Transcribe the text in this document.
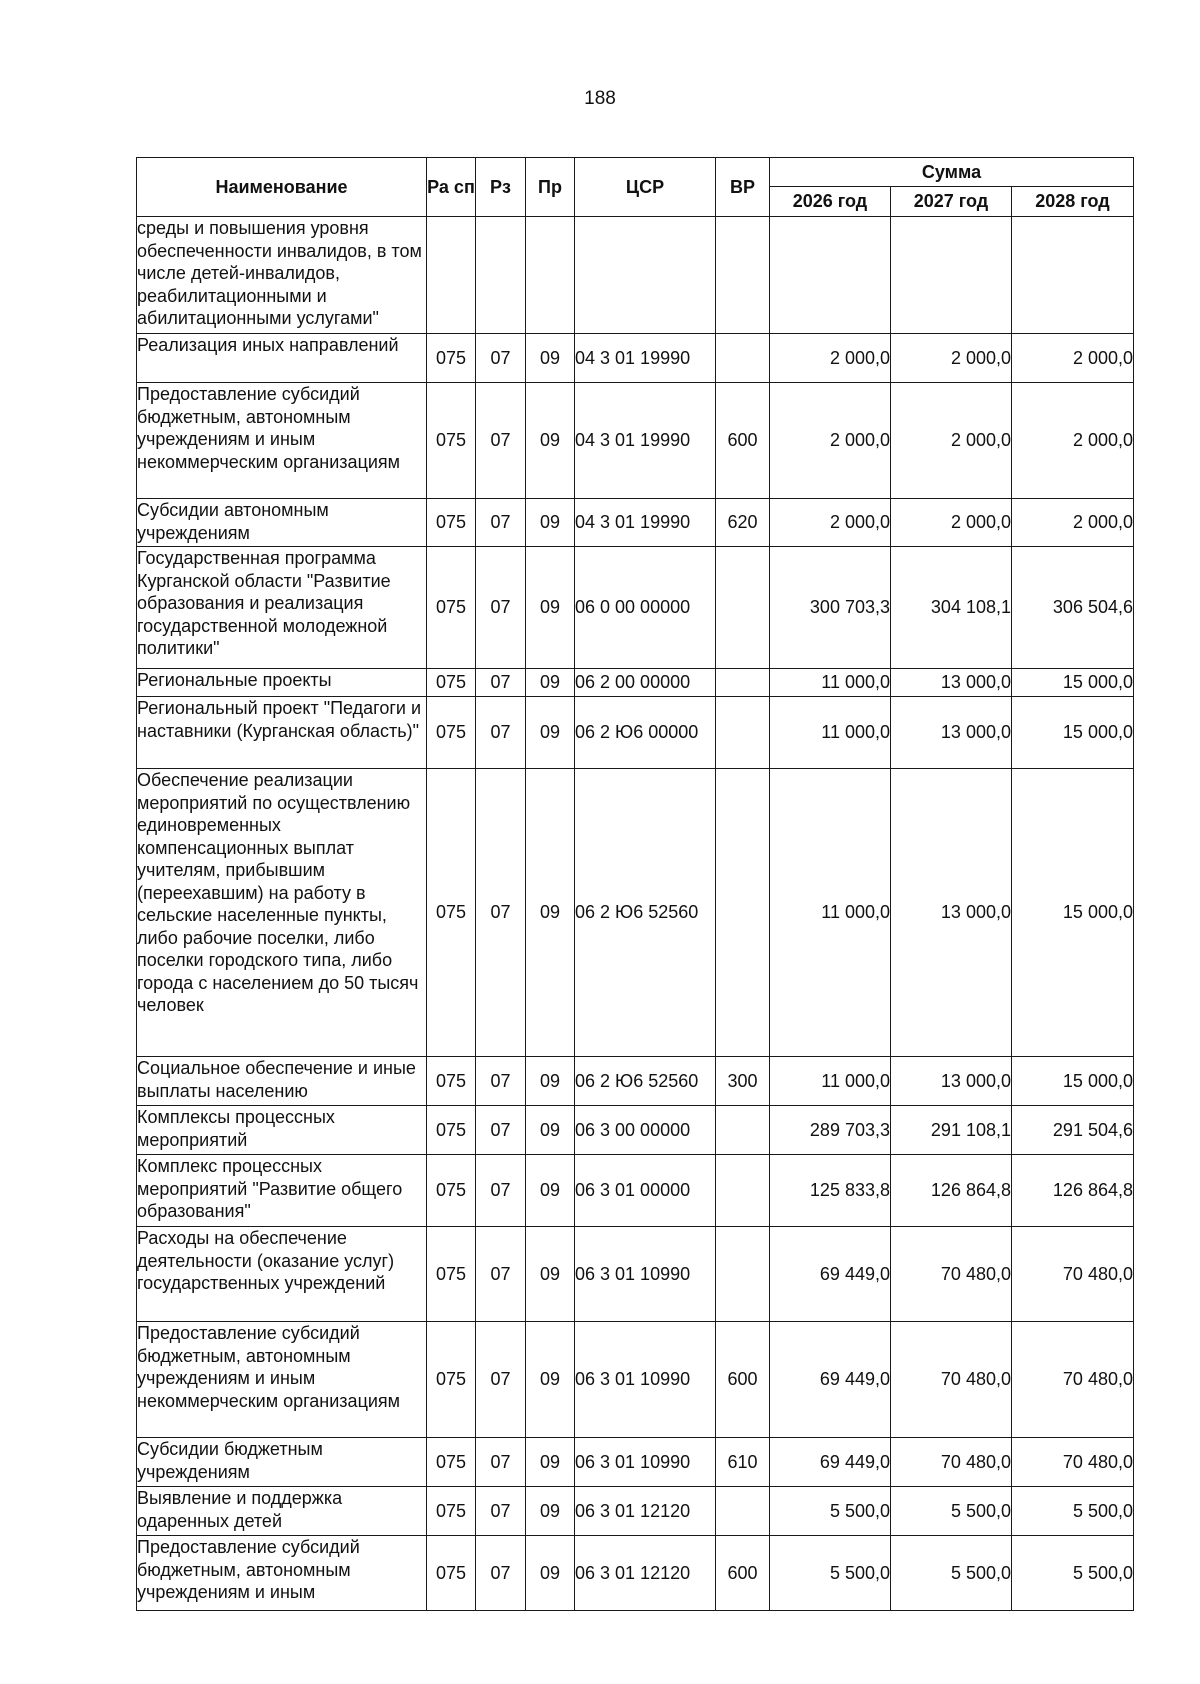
188
Наименование	Ра сп	Рз	Пр	ЦСР	ВР	Сумма		
						2026 год	2027 год	2028 год
среды и повышения уровня обеспеченности инвалидов, в том числе детей-инвалидов, реабилитационными и абилитационными услугами"								
Реализация иных направлений	075	07	09	04 3 01 19990		2 000,0	2 000,0	2 000,0
Предоставление субсидий бюджетным, автономным учреждениям и иным некоммерческим организациям	075	07	09	04 3 01 19990	600	2 000,0	2 000,0	2 000,0
Субсидии автономным учреждениям	075	07	09	04 3 01 19990	620	2 000,0	2 000,0	2 000,0
Государственная программа Курганской области "Развитие образования и реализация государственной молодежной политики"	075	07	09	06 0 00 00000		300 703,3	304 108,1	306 504,6
Региональные проекты	075	07	09	06 2 00 00000		11 000,0	13 000,0	15 000,0
Региональный проект "Педагоги и наставники (Курганская область)"	075	07	09	06 2 Ю6 00000		11 000,0	13 000,0	15 000,0
Обеспечение реализации мероприятий по осуществлению единовременных компенсационных выплат учителям, прибывшим (переехавшим) на работу в сельские населенные пункты, либо рабочие поселки, либо поселки городского типа, либо города с населением до 50 тысяч человек	075	07	09	06 2 Ю6 52560		11 000,0	13 000,0	15 000,0
Социальное обеспечение и иные выплаты населению	075	07	09	06 2 Ю6 52560	300	11 000,0	13 000,0	15 000,0
Комплексы процессных мероприятий	075	07	09	06 3 00 00000		289 703,3	291 108,1	291 504,6
Комплекс процессных мероприятий "Развитие общего образования"	075	07	09	06 3 01 00000		125 833,8	126 864,8	126 864,8
Расходы на обеспечение деятельности (оказание услуг) государственных учреждений	075	07	09	06 3 01 10990		69 449,0	70 480,0	70 480,0
Предоставление субсидий бюджетным, автономным учреждениям и иным некоммерческим организациям	075	07	09	06 3 01 10990	600	69 449,0	70 480,0	70 480,0
Субсидии бюджетным учреждениям	075	07	09	06 3 01 10990	610	69 449,0	70 480,0	70 480,0
Выявление и поддержка одаренных детей	075	07	09	06 3 01 12120		5 500,0	5 500,0	5 500,0
Предоставление субсидий бюджетным, автономным учреждениям и иным	075	07	09	06 3 01 12120	600	5 500,0	5 500,0	5 500,0
